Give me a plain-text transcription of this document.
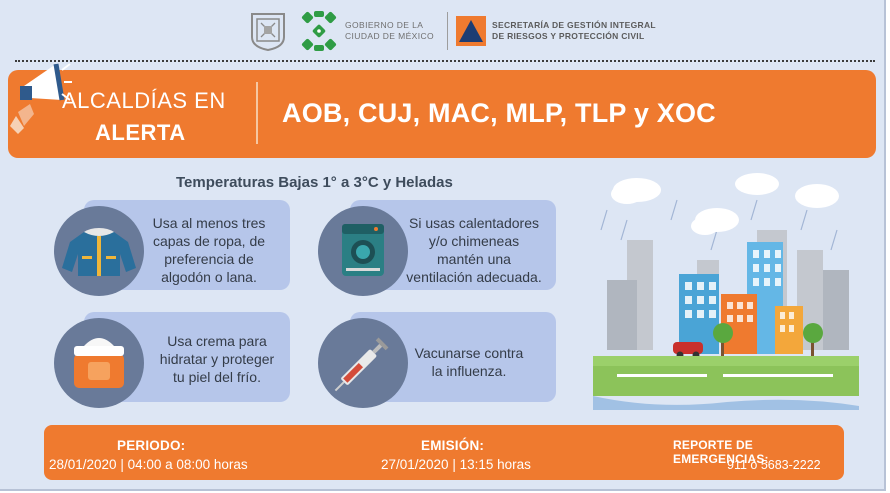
GOBIERNO DE LA
CIUDAD DE MÉXICO
SECRETARÍA DE GESTIÓN INTEGRAL
DE RIESGOS Y PROTECCIÓN CIVIL
ALCALDÍAS EN
ALERTA
AOB, CUJ, MAC, MLP, TLP y XOC
Temperaturas Bajas 1° a 3°C y Heladas
Usa al menos tres
capas de ropa, de
preferencia de
algodón o lana.
Si usas calentadores
y/o chimeneas
mantén una
ventilación adecuada.
Usa crema para
hidratar y proteger
tu piel del frío.
Vacunarse contra
la influenza.
PERIODO:
28/01/2020 | 04:00 a 08:00 horas
EMISIÓN:
27/01/2020 | 13:15 horas
REPORTE DE EMERGENCIAS:
911 ó 5683-2222
